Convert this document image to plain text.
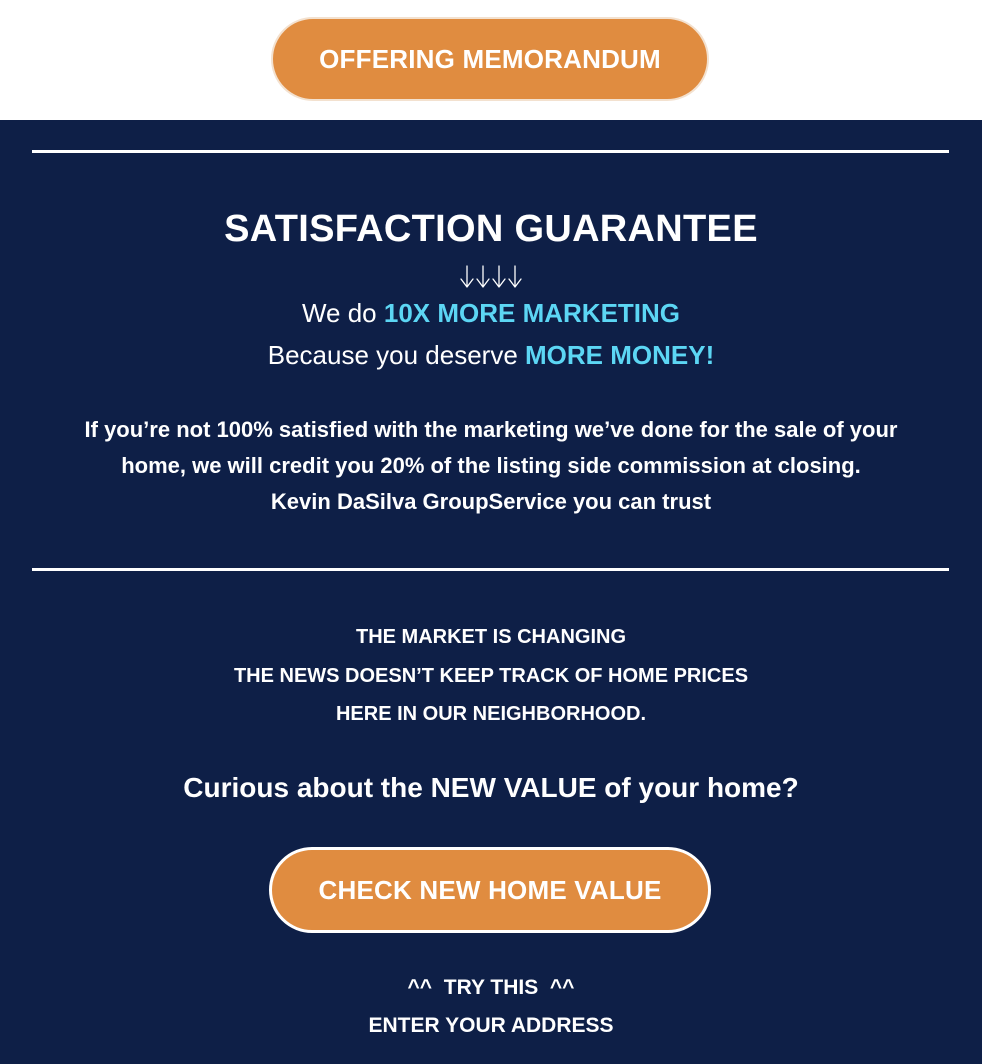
OFFERING MEMORANDUM
SATISFACTION GUARANTEE
We do 10X MORE MARKETING
Because you deserve MORE MONEY!
If you’re not 100% satisfied with the marketing we’ve done for the sale of your
home, we will credit you 20% of the listing side commission at closing.
Kevin DaSilva GroupService you can trust
THE MARKET IS CHANGING
THE NEWS DOESN’T KEEP TRACK OF HOME PRICES
HERE IN OUR NEIGHBORHOOD.
Curious about the NEW VALUE of your home?
CHECK NEW HOME VALUE
^^  TRY THIS  ^^
ENTER YOUR ADDRESS
